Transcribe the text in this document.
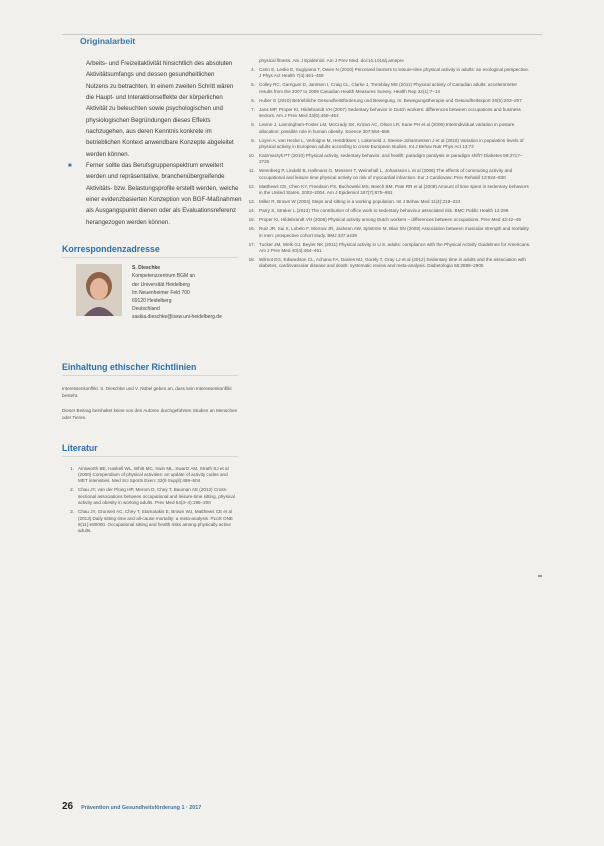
Originalarbeit

Arbeits- und Freizeitaktivität hinsichtlich des absoluten Aktivitätsumfangs und dessen gesundheitlichen Nutzens zu betrachten. In einem zweiten Schritt wären die Haupt- und Interaktionseffekte der körperlichen Aktivität zu beleuchten sowie psychologischen und physiologischen Begründungen dieses Effekts nachzugehen, aus deren Kenntnis konkrete im betrieblichen Kontext anwendbare Konzepte abgeleitet werden können.

■ Ferner sollte das Berufsgruppenspektrum erweitert werden und repräsentative, branchenübergreifende Aktivitäts- bzw. Belastungsprofile erstellt werden, welche einer evidenzbasierten Konzeption von BGF-Maßnahmen als Ausgangspunkt dienen oder als Evaluationsreferenz herangezogen werden können.
Korrespondenzadresse
S. Dieschke
Kompetenzzentrum BGM an
der Universität Heidelberg
Im Neuenheimer Feld 700
69120 Heidelberg
Deutschland
saskia.dieschke@issw.uni-heidelberg.de
Einhaltung ethischer Richtlinien

Interessenkonflikt. S. Dieschke und V. Nübel geben an, dass kein Interessenkonflikt besteht.

Dieser Beitrag beinhaltet keine von den Autoren durchgeführten Studien an Menschen oder Tieren.

Literatur
1. Ainsworth BE, Haskell WL, Whitt MC, Irwin ML, Swartz AM, Strath SJ et al (2000) Compendium of physical activities: an update of activity codes and MET intensities. Med Sci Sports Exerc 32(9 Suppl):498–504
2. Chau JY, van der Ploeg HP, Merom D, Chey T, Bauman AE (2012) Cross-sectional associations between occupational and leisure-time sitting, physical activity and obesity in working adults. Prev Med 54(3–4):195–200
3. Chau JY, Grunseit AC, Chey T, Stamatakis E, Brown WJ, Matthews CE et al (2013) Daily sitting time and all-cause mortality: a meta-analysis. PLoS ONE 8(11):e80000. Occupational sitting and health risks among physically active adults.

physical fitness. Am J Epidemiol. Am J Prev Med. doi:10.1016/j.amepre

4. Cerin E, Leslie E, Sugiyama T, Owen N (2010) Perceived barriers to leisure-time physical activity in adults: an ecological perspective. J Phys Act Health 7(4):451–459
5. Colley RC, Garriguet D, Janssen I, Craig CL, Clarke J, Tremblay MS (2011) Physical activity of Canadian adults: accelerometer results from the 2007 to 2009 Canadian Health Measures Survey. Health Rep 22(1):7–14
6. Huber G (2010) Betriebliche Gesundheitsförderung und Bewegung. In: Bewegungstherapie und Gesundheitssport 26(5):203–207
7. Jans MP, Proper KI, Hildebrandt VH (2007) Sedentary behavior in Dutch workers: differences between occupations and business sectors. Am J Prev Med 33(6):450–454
8. Levine J, Lanningham-Foster LM, McCrady SK, Krizan AC, Olson LR, Kane PH et al (2005) Interindividual variation in posture allocation: possible role in human obesity. Science 307:584–586
9. Loyen A, van Hecke L, Verloigne M, Hendriksen I, Lakerveld J, Steene-Johannessen J et al (2016) Variation in population levels of physical activity in European adults according to cross-European studies. Int J Behav Nutr Phys Act 13:72
10. Katzmarzyk PT (2010) Physical activity, sedentary behavior, and health: paradigm paralysis or paradigm shift? Diabetes 59:2717–2725
11. Wennberg P, Lindahl B, Hallmans G, Messner T, Weinehall L, Johansson L et al (2006) The effects of commuting activity and occupational and leisure time physical activity on risk of myocardial infarction. Eur J Cardiovasc Prev Rehabil 13:924–930
12. Matthews CE, Chen KY, Freedson PS, Buchowski MS, Beech BM, Pate RR et al (2008) Amount of time spent in sedentary behaviors in the United States, 2003–2004. Am J Epidemiol 167(7):875–881
13. Miller R, Brown W (2004) Steps and sitting in a working population. Int J Behav Med 11(4):219–224
14. Parry S, Straker L (2013) The contribution of office work to sedentary behaviour associated risk. BMC Public Health 13:296
15. Proper KI, Hildebrandt VH (2006) Physical activity among Dutch workers – differences between occupations. Prev Med 43:42–45
16. Ruiz JR, Sui X, Lobelo F, Morrow JR, Jackson AW, Sjöström M, Blair SN (2008) Association between muscular strength and mortality in men: prospective cohort study. BMJ 337:a439
17. Tucker JM, Welk GJ, Beyler NK (2011) Physical activity in U.S. adults: compliance with the Physical Activity Guidelines for Americans. Am J Prev Med 40(4):454–461
18. Wilmot EG, Edwardson CL, Achana FA, Davies MJ, Gorely T, Gray LJ et al (2012) Sedentary time in adults and the association with diabetes, cardiovascular disease and death: systematic review and meta-analysis. Diabetologia 55:2895–2905
26 Prävention und Gesundheitsförderung 1 · 2017
